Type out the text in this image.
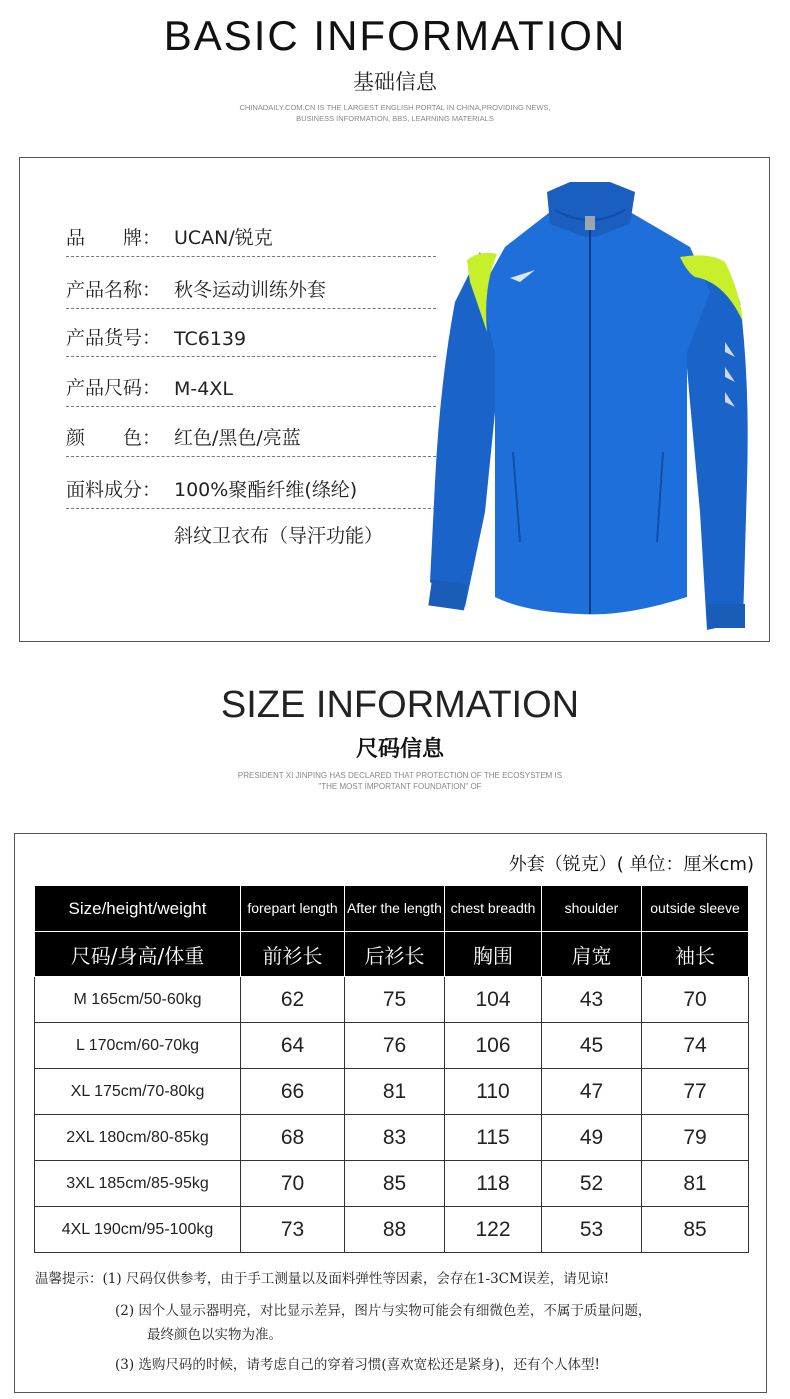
BASIC INFORMATION
基础信息
CHINADAILY.COM.CN IS THE LARGEST ENGLISH PORTAL IN CHINA,PROVIDING NEWS,
BUSINESS INFORMATION, BBS, LEARNING MATERIALS
品　　牌： UCAN/锐克
产品名称： 秋冬运动训练外套
产品货号： TC6139
产品尺码： M-4XL
颜　　色： 红色/黑色/亮蓝
面料成分： 100%聚酯纤维(绦纶)
斜纹卫衣布（导汗功能）
SIZE INFORMATION
尺码信息
PRESIDENT XI JINPING HAS DECLARED THAT PROTECTION OF THE ECOSYSTEM IS
"THE MOST IMPORTANT FOUNDATION" OF
外套（锐克）( 单位：厘米cm)
Size/height/weight	forepart length	After the length	chest breadth	shoulder	outside sleeve
尺码/身高/体重	前衫长	后衫长	胸围	肩宽	袖长
M 165cm/50-60kg	62	75	104	43	70
L 170cm/60-70kg	64	76	106	45	74
XL 175cm/70-80kg	66	81	110	47	77
2XL 180cm/80-85kg	68	83	115	49	79
3XL 185cm/85-95kg	70	85	118	52	81
4XL 190cm/95-100kg	73	88	122	53	85
温馨提示：(1) 尺码仅供参考，由于手工测量以及面料弹性等因素，会存在1-3CM误差，请见谅!
(2) 因个人显示器明亮，对比显示差异，图片与实物可能会有细微色差，不属于质量问题，
最终颜色以实物为准。
(3) 选购尺码的时候，请考虑自己的穿着习惯(喜欢宽松还是紧身)，还有个人体型!
